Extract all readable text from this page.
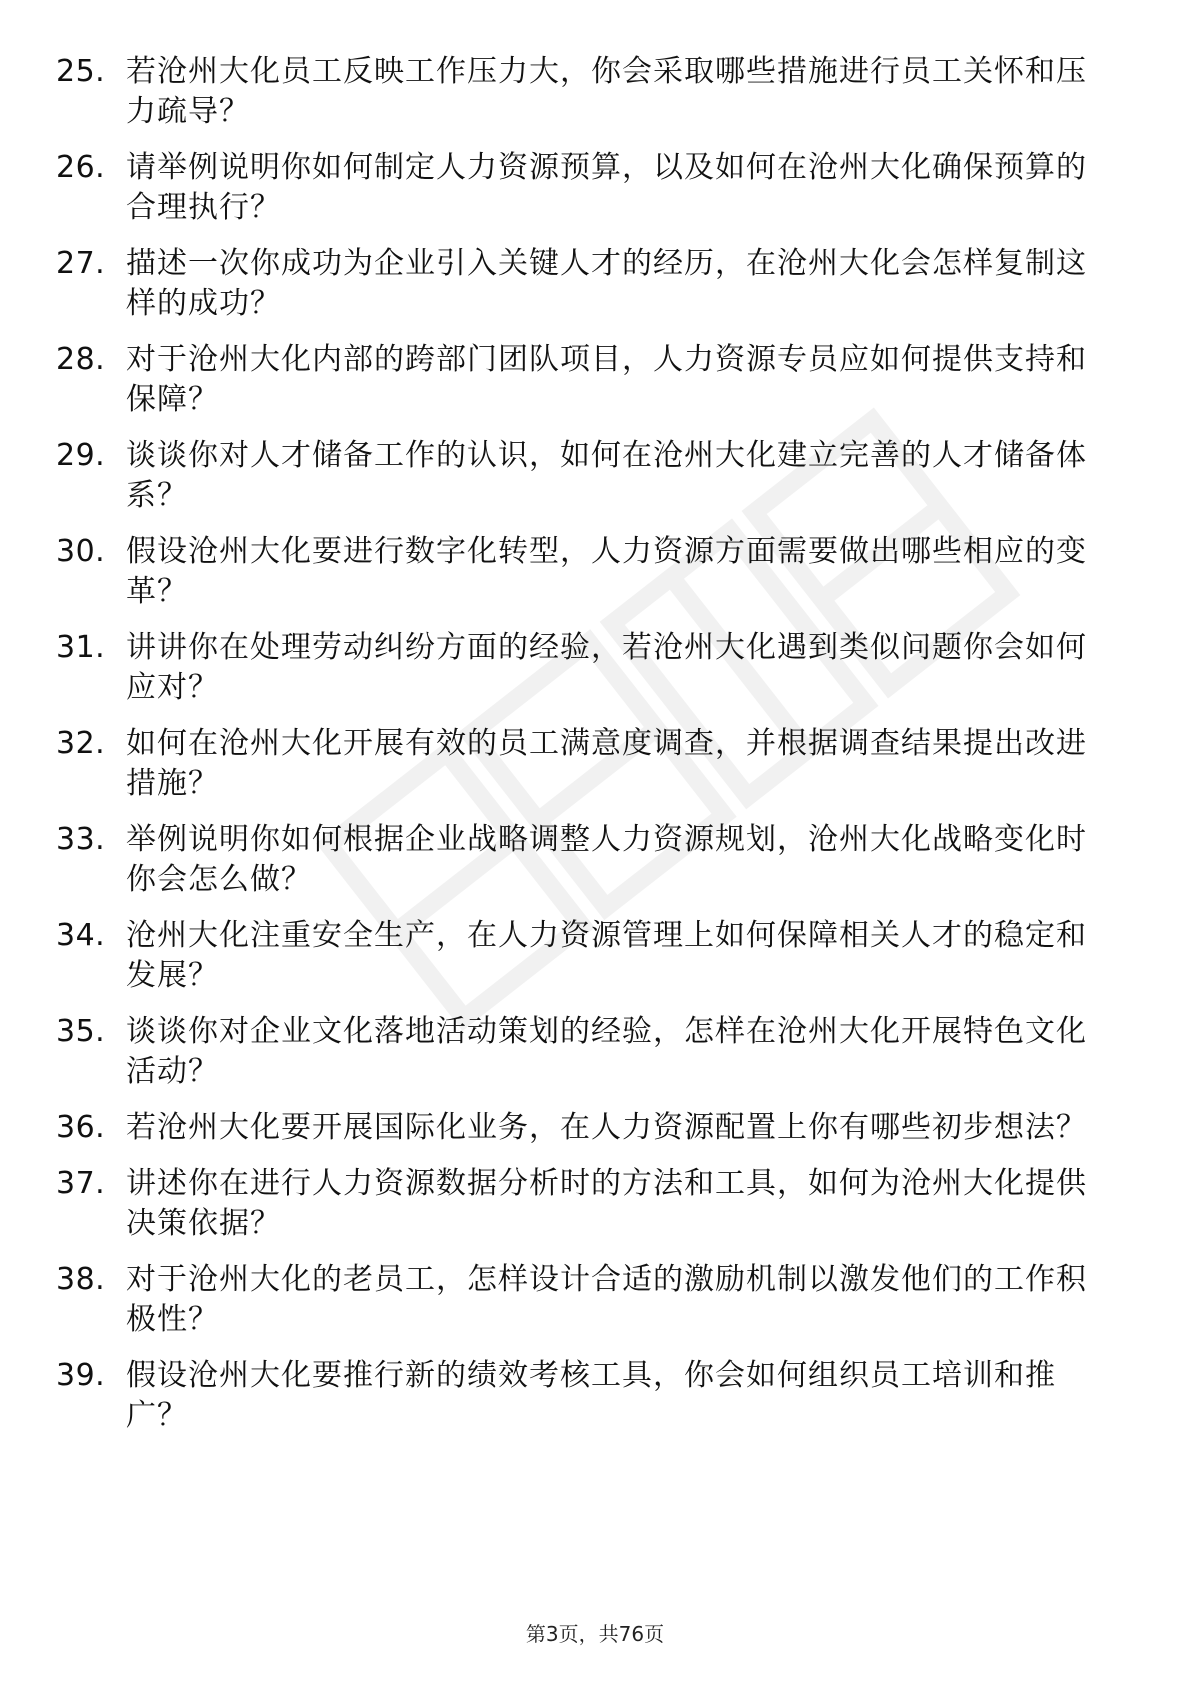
25. 若沧州大化员工反映工作压力大，你会采取哪些措施进行员工关怀和压力疏导？
26. 请举例说明你如何制定人力资源预算，以及如何在沧州大化确保预算的合理执行？
27. 描述一次你成功为企业引入关键人才的经历，在沧州大化会怎样复制这样的成功？
28. 对于沧州大化内部的跨部门团队项目，人力资源专员应如何提供支持和保障？
29. 谈谈你对人才储备工作的认识，如何在沧州大化建立完善的人才储备体系？
30. 假设沧州大化要进行数字化转型，人力资源方面需要做出哪些相应的变革？
31. 讲讲你在处理劳动纠纷方面的经验，若沧州大化遇到类似问题你会如何应对？
32. 如何在沧州大化开展有效的员工满意度调查，并根据调查结果提出改进措施？
33. 举例说明你如何根据企业战略调整人力资源规划，沧州大化战略变化时你会怎么做？
34. 沧州大化注重安全生产，在人力资源管理上如何保障相关人才的稳定和发展？
35. 谈谈你对企业文化落地活动策划的经验，怎样在沧州大化开展特色文化活动？
36. 若沧州大化要开展国际化业务，在人力资源配置上你有哪些初步想法？
37. 讲述你在进行人力资源数据分析时的方法和工具，如何为沧州大化提供决策依据？
38. 对于沧州大化的老员工，怎样设计合适的激励机制以激发他们的工作积极性？
39. 假设沧州大化要推行新的绩效考核工具，你会如何组织员工培训和推广？
第3页，共76页
